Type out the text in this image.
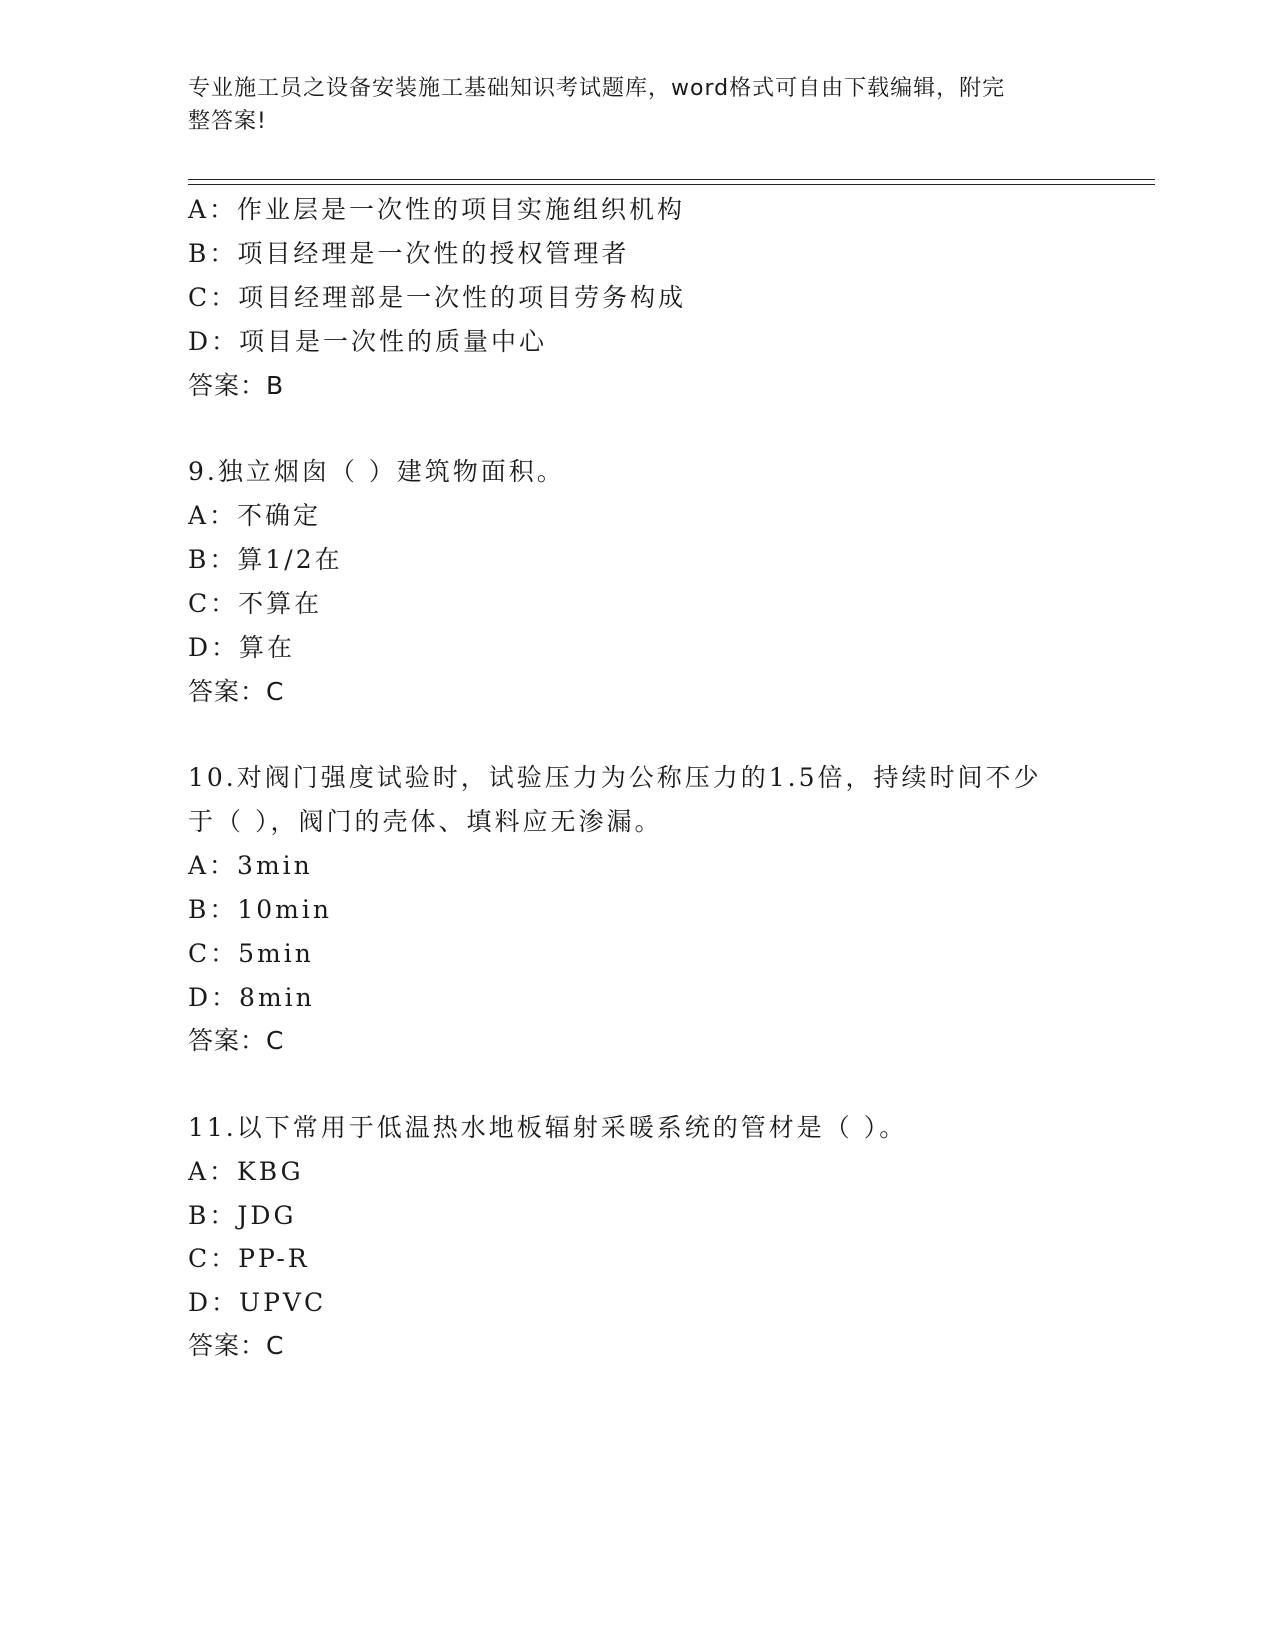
专业施工员之设备安装施工基础知识考试题库，word格式可自由下载编辑，附完
整答案!
A：作业层是一次性的项目实施组织机构
B：项目经理是一次性的授权管理者
C：项目经理部是一次性的项目劳务构成
D：项目是一次性的质量中心
答案：B
9.独立烟囱（ ）建筑物面积。
A：不确定
B：算1/2在
C：不算在
D：算在
答案：C
10.对阀门强度试验时，试验压力为公称压力的1.5倍，持续时间不少
于（ ），阀门的壳体、填料应无渗漏。
A：3min
B：10min
C：5min
D：8min
答案：C
11.以下常用于低温热水地板辐射采暖系统的管材是（ ）。
A：KBG
B：JDG
C：PP-R
D：UPVC
答案：C
